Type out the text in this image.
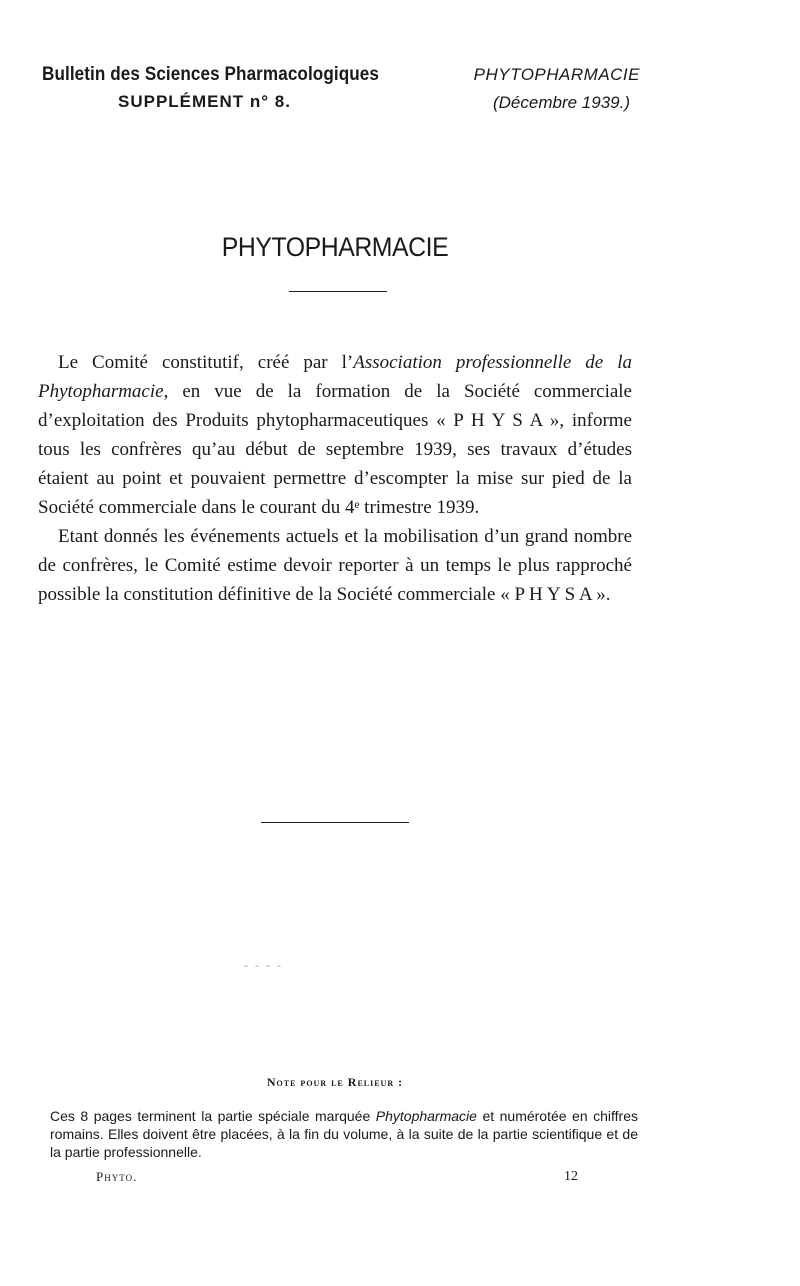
Bulletin des Sciences Pharmacologiques
SUPPLÉMENT n° 8.
PHYTOPHARMACIE
(Décembre 1939.)
PHYTOPHARMACIE

Le Comité constitutif, créé par l’Association professionnelle de la Phytopharmacie, en vue de la formation de la Société commerciale d’exploitation des Produits phytopharmaceutiques « P H Y S A », informe tous les confrères qu’au début de septembre 1939, ses travaux d’études étaient au point et pouvaient permettre d’escompter la mise sur pied de la Société commerciale dans le courant du 4ᵉ trimestre 1939.

Etant donnés les événements actuels et la mobilisation d’un grand nombre de confrères, le Comité estime devoir reporter à un temps le plus rapproché possible la constitution définitive de la Société commerciale « P H Y S A ».

- - - -
Note pour le Relieur :

Ces 8 pages terminent la partie spéciale marquée Phytopharmacie et numérotée en chiffres romains. Elles doivent être placées, à la fin du volume, à la suite de la partie scientifique et de la partie professionnelle.

Phyto.	12
